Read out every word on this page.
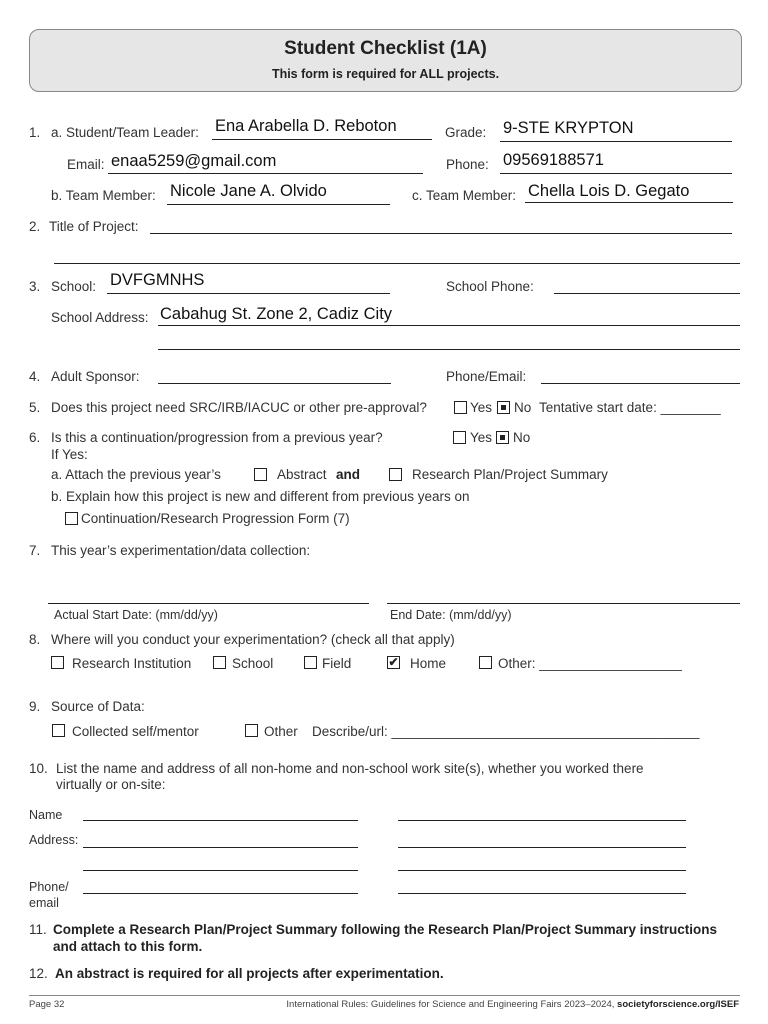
Student Checklist (1A)
This form is required for ALL projects.
1. a. Student/Team Leader: Ena Arabella D. Reboton	Grade: 9-STE KRYPTON
Email: enaa5259@gmail.com	Phone: 09569188571
b. Team Member: Nicole Jane A. Olvido	c. Team Member: Chella Lois D. Gegato
2. Title of Project:
3. School: DVFGMNHS	School Phone:
School Address: Cabahug St. Zone 2, Cadiz City
4. Adult Sponsor:	Phone/Email:
5. Does this project need SRC/IRB/IACUC or other pre-approval?	Yes No Tentative start date: ________
6. Is this a continuation/progression from a previous year?	Yes No
If Yes:
a. Attach the previous year’s	Abstract and	Research Plan/Project Summary
b. Explain how this project is new and different from previous years on
Continuation/Research Progression Form (7)
7. This year’s experimentation/data collection:
Actual Start Date: (mm/dd/yy)	End Date: (mm/dd/yy)
8. Where will you conduct your experimentation? (check all that apply)
Research Institution	School	Field	✔ Home	Other: ___________________
9. Source of Data:
Collected self/mentor	Other Describe/url: _________________________________________
10. List the name and address of all non-home and non-school work site(s), whether you worked there
virtually or on-site:
Name
Address:
Phone/
email
11. Complete a Research Plan/Project Summary following the Research Plan/Project Summary instructions
and attach to this form.
12. An abstract is required for all projects after experimentation.
Page 32	International Rules: Guidelines for Science and Engineering Fairs 2023–2024, societyforscience.org/ISEF
